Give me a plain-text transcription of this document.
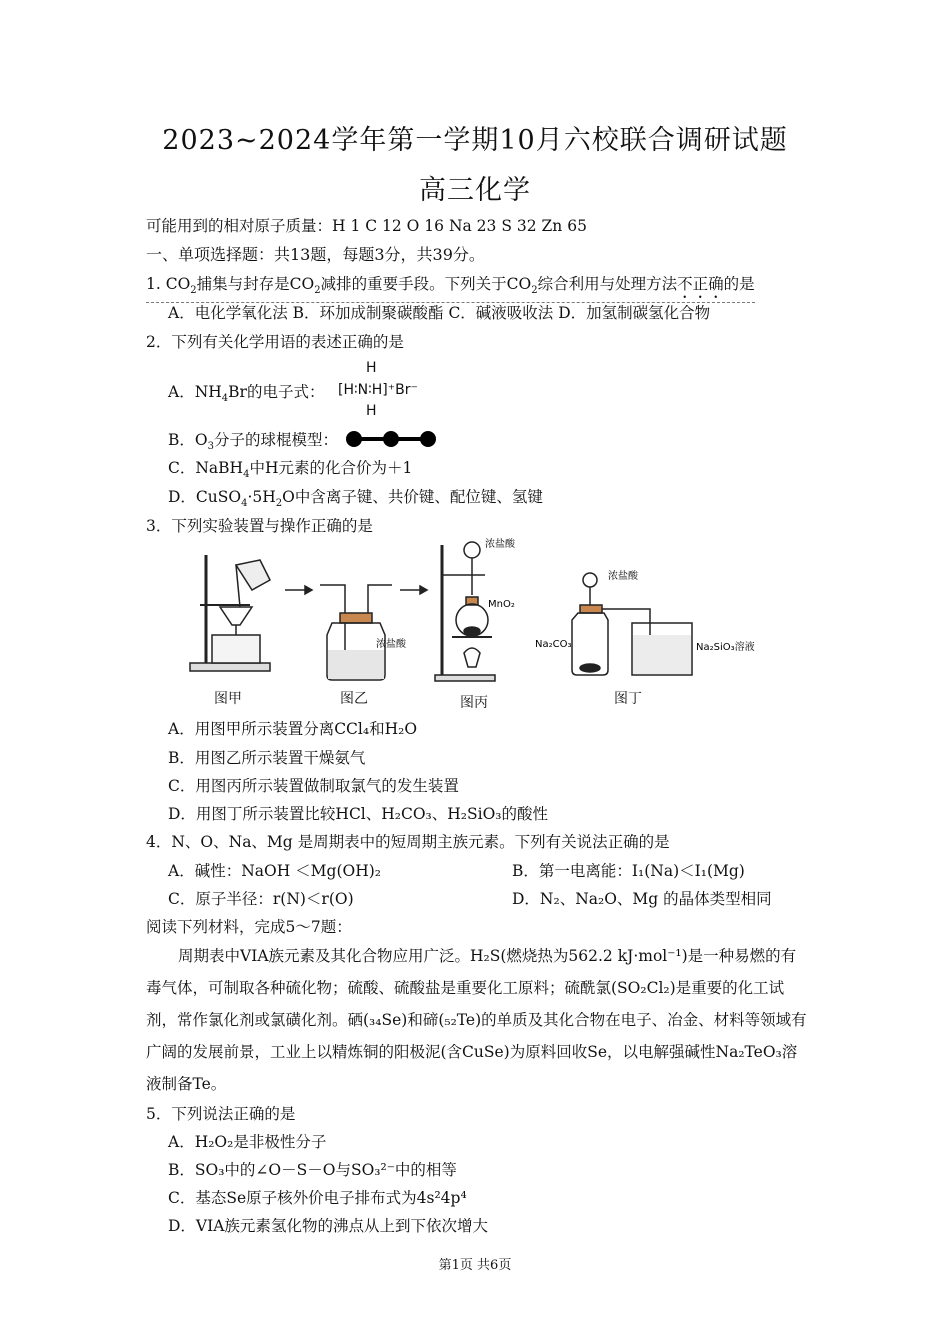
2023~2024学年第一学期10月六校联合调研试题
高三化学
可能用到的相对原子质量：H 1 C 12 O 16 Na 23 S 32 Zn 65
一、单项选择题：共13题，每题3分，共39分。
1. $CO_2$捕集与封存是$CO_2$减排的重要手段。下列关于$CO_2$综合利用与处理方法不正确的是
A．电化学氧化法 B．环加成制聚碳酸酯 C．碱液吸收法 D．加氢制碳氢化合物
2．下列有关化学用语的表述正确的是
A．$NH_4Br$的电子式：
H
[H∶N∶H]⁺Br⁻
H
B．$O_3$分子的球棍模型：
C．NaBH$_4$中H元素的化合价为＋1
D．$CuSO_4\cdot 5H_2O$中含离子键、共价键、配位键、氢键
3．下列实验装置与操作正确的是
浓盐酸
浓盐酸
MnO₂
浓盐酸
Na₂CO₃	Na₂SiO₃溶液
图甲	图乙	图丙	图丁
A．用图甲所示装置分离CCl₄和H₂O
B．用图乙所示装置干燥氨气
C．用图丙所示装置做制取氯气的发生装置
D．用图丁所示装置比较HCl、H₂CO₃、H₂SiO₃的酸性
4．N、O、Na、Mg 是周期表中的短周期主族元素。下列有关说法正确的是
A．碱性：NaOH ＜Mg(OH)₂	B．第一电离能：I₁(Na)＜I₁(Mg)
C．原子半径：r(N)＜r(O)	D．N₂、Na₂O、Mg 的晶体类型相同
阅读下列材料，完成5～7题：
周期表中VIA族元素及其化合物应用广泛。H₂S(燃烧热为562.2 kJ·mol⁻¹)是一种易燃的有毒气体，可制取各种硫化物；硫酸、硫酸盐是重要化工原料；硫酰氯(SO₂Cl₂)是重要的化工试剂，常作氯化剂或氯磺化剂。硒(₃₄Se)和碲(₅₂Te)的单质及其化合物在电子、冶金、材料等领域有广阔的发展前景，工业上以精炼铜的阳极泥(含CuSe)为原料回收Se，以电解强碱性Na₂TeO₃溶液制备Te。
5．下列说法正确的是
A．H₂O₂是非极性分子
B．SO₃中的∠O－S－O与SO₃²⁻中的相等
C．基态Se原子核外价电子排布式为4s²4p⁴
D．VIA族元素氢化物的沸点从上到下依次增大
第1页 共6页
